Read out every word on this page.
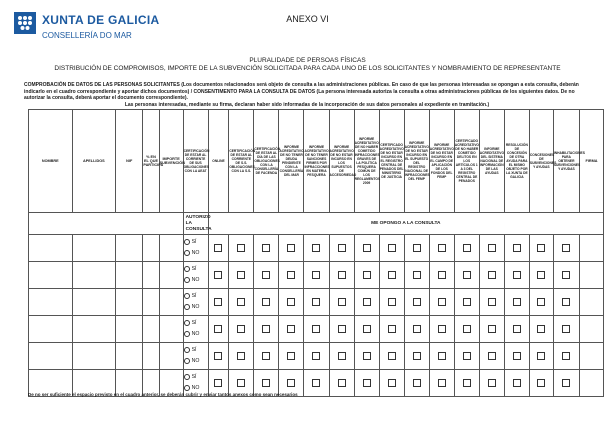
XUNTA DE GALICIA
CONSELLERÍA DO MAR
ANEXO VI
PLURALIDADE DE PERSOAS FÍSICAS
DISTRIBUCIÓN DE COMPROMISOS, IMPORTE DE LA SUBVENCIÓN SOLICITADA PARA CADA UNO DE LOS SOLICITANTES Y NOMBRAMIENTO DE REPRESENTANTE
COMPROBACIÓN DE DATOS DE LAS PERSONAS SOLICITANTES (Los documentos relacionados será objeto de consulta a las administraciones públicas. En caso de que las personas interesadas se opongan a esta consulta, deberán indicarlo en el cuadro correspondiente y aportar dichos documentos) / CONSENTIMENTO PARA LA CONSULTA DE DATOS (La persona interesada autoriza la consulta a otras administraciones públicas de los siguientes datos. De no autorizar la consulta, deberá aportar el documento correspondiente).
Las personas interesadas, mediante su firma, declaran haber sido informadas de la incorporación de sus datos personales al expediente en tramitación.)
NOMBRE	APELLIDOS	NIF	% EN EL QUE PARTICIPA	IMPORTE SUBVENCIÓN	CERTIFICACIÓN DE ESTAR AL CORRIENTE DE SUS OBLIGACIONES CON LA AEAT	ONLINE	CERTIFICACIÓN DE ESTAR AL CORRIENTE DE S.S. OBLIGACIONES CON LA S.S.	CERTIFICACIÓN DE ESTAR AL DÍA DE LAS OBLIGACIONES CON LA CONSELLERÍA DE FACENDA	INFORME ACREDITATIVO DE NO TENER DEUDA PENDIENTE CON LA CONSELLERÍA DEL MAR	INFORME ACREDITATIVO DE NO TENER SANCIONES FIRMES POR INFRACCIONES EN MATERIA PESQUERA	INFORME ACREDITATIVO DE NO ESTAR INCURSO EN LOS SUPUESTOS DE ACCESORIEDAD	INFORME ACREDITATIVO DE NO HABER COMETIDO INFRACCIONES GRAVES DE LA POLÍTICA PESQUERA COMÚN DE LOS REGLAMENTOS 2009	CERTIFICADO ACREDITATIVO DE NO ESTAR INCURSO EN EL REGISTRO CENTRAL DE PENADOS DEL MINISTERIO DE JUSTICIA	INFORME ACREDITATIVO DE NO ESTAR INCURSO EN EL SUPUESTO DEL REGISTRO NACIONAL DE INFRACCIONES DEL FEMP	INFORME ACREDITATIVO DE NO ESTAR INCURSO EN EL CAMPO DE APLICACIÓN DE LOS FONDOS DEL FEMP	CERTIFICADO ACREDITATIVO DE NO HABER COMETIDO DELITOS EN LOS ARTÍCULOS 1 A 3 DEL REGISTRO CENTRAL DE PENADOS	INFORME ACREDITATIVO DEL SISTEMA NACIONAL DE INFORMACIÓN DE LAS AYUDAS	RESOLUCIÓN DE CONCESIÓN DE OTRA AYUDA PARA EL MISMO OBJETO POR LA XUNTA DE GALICIA	CONCESIONES DE SUBVENCIONES Y AYUDAS	INHABILITACIONES PARA OBTENER SUBVENCIONES Y AYUDAS	FIRMA
					AUTORIZO LA CONSULTA	ME OPONGO A LA CONSULTA															

					SÍ
NO																

					SÍ
NO																

					SÍ
NO																

					SÍ
NO																

					SÍ
NO																

					SÍ
NO																

De no ser suficiente el espacio previsto en el cuadro anterior, se deberán cubrir y enviar tantos anexos como sean necesarios
